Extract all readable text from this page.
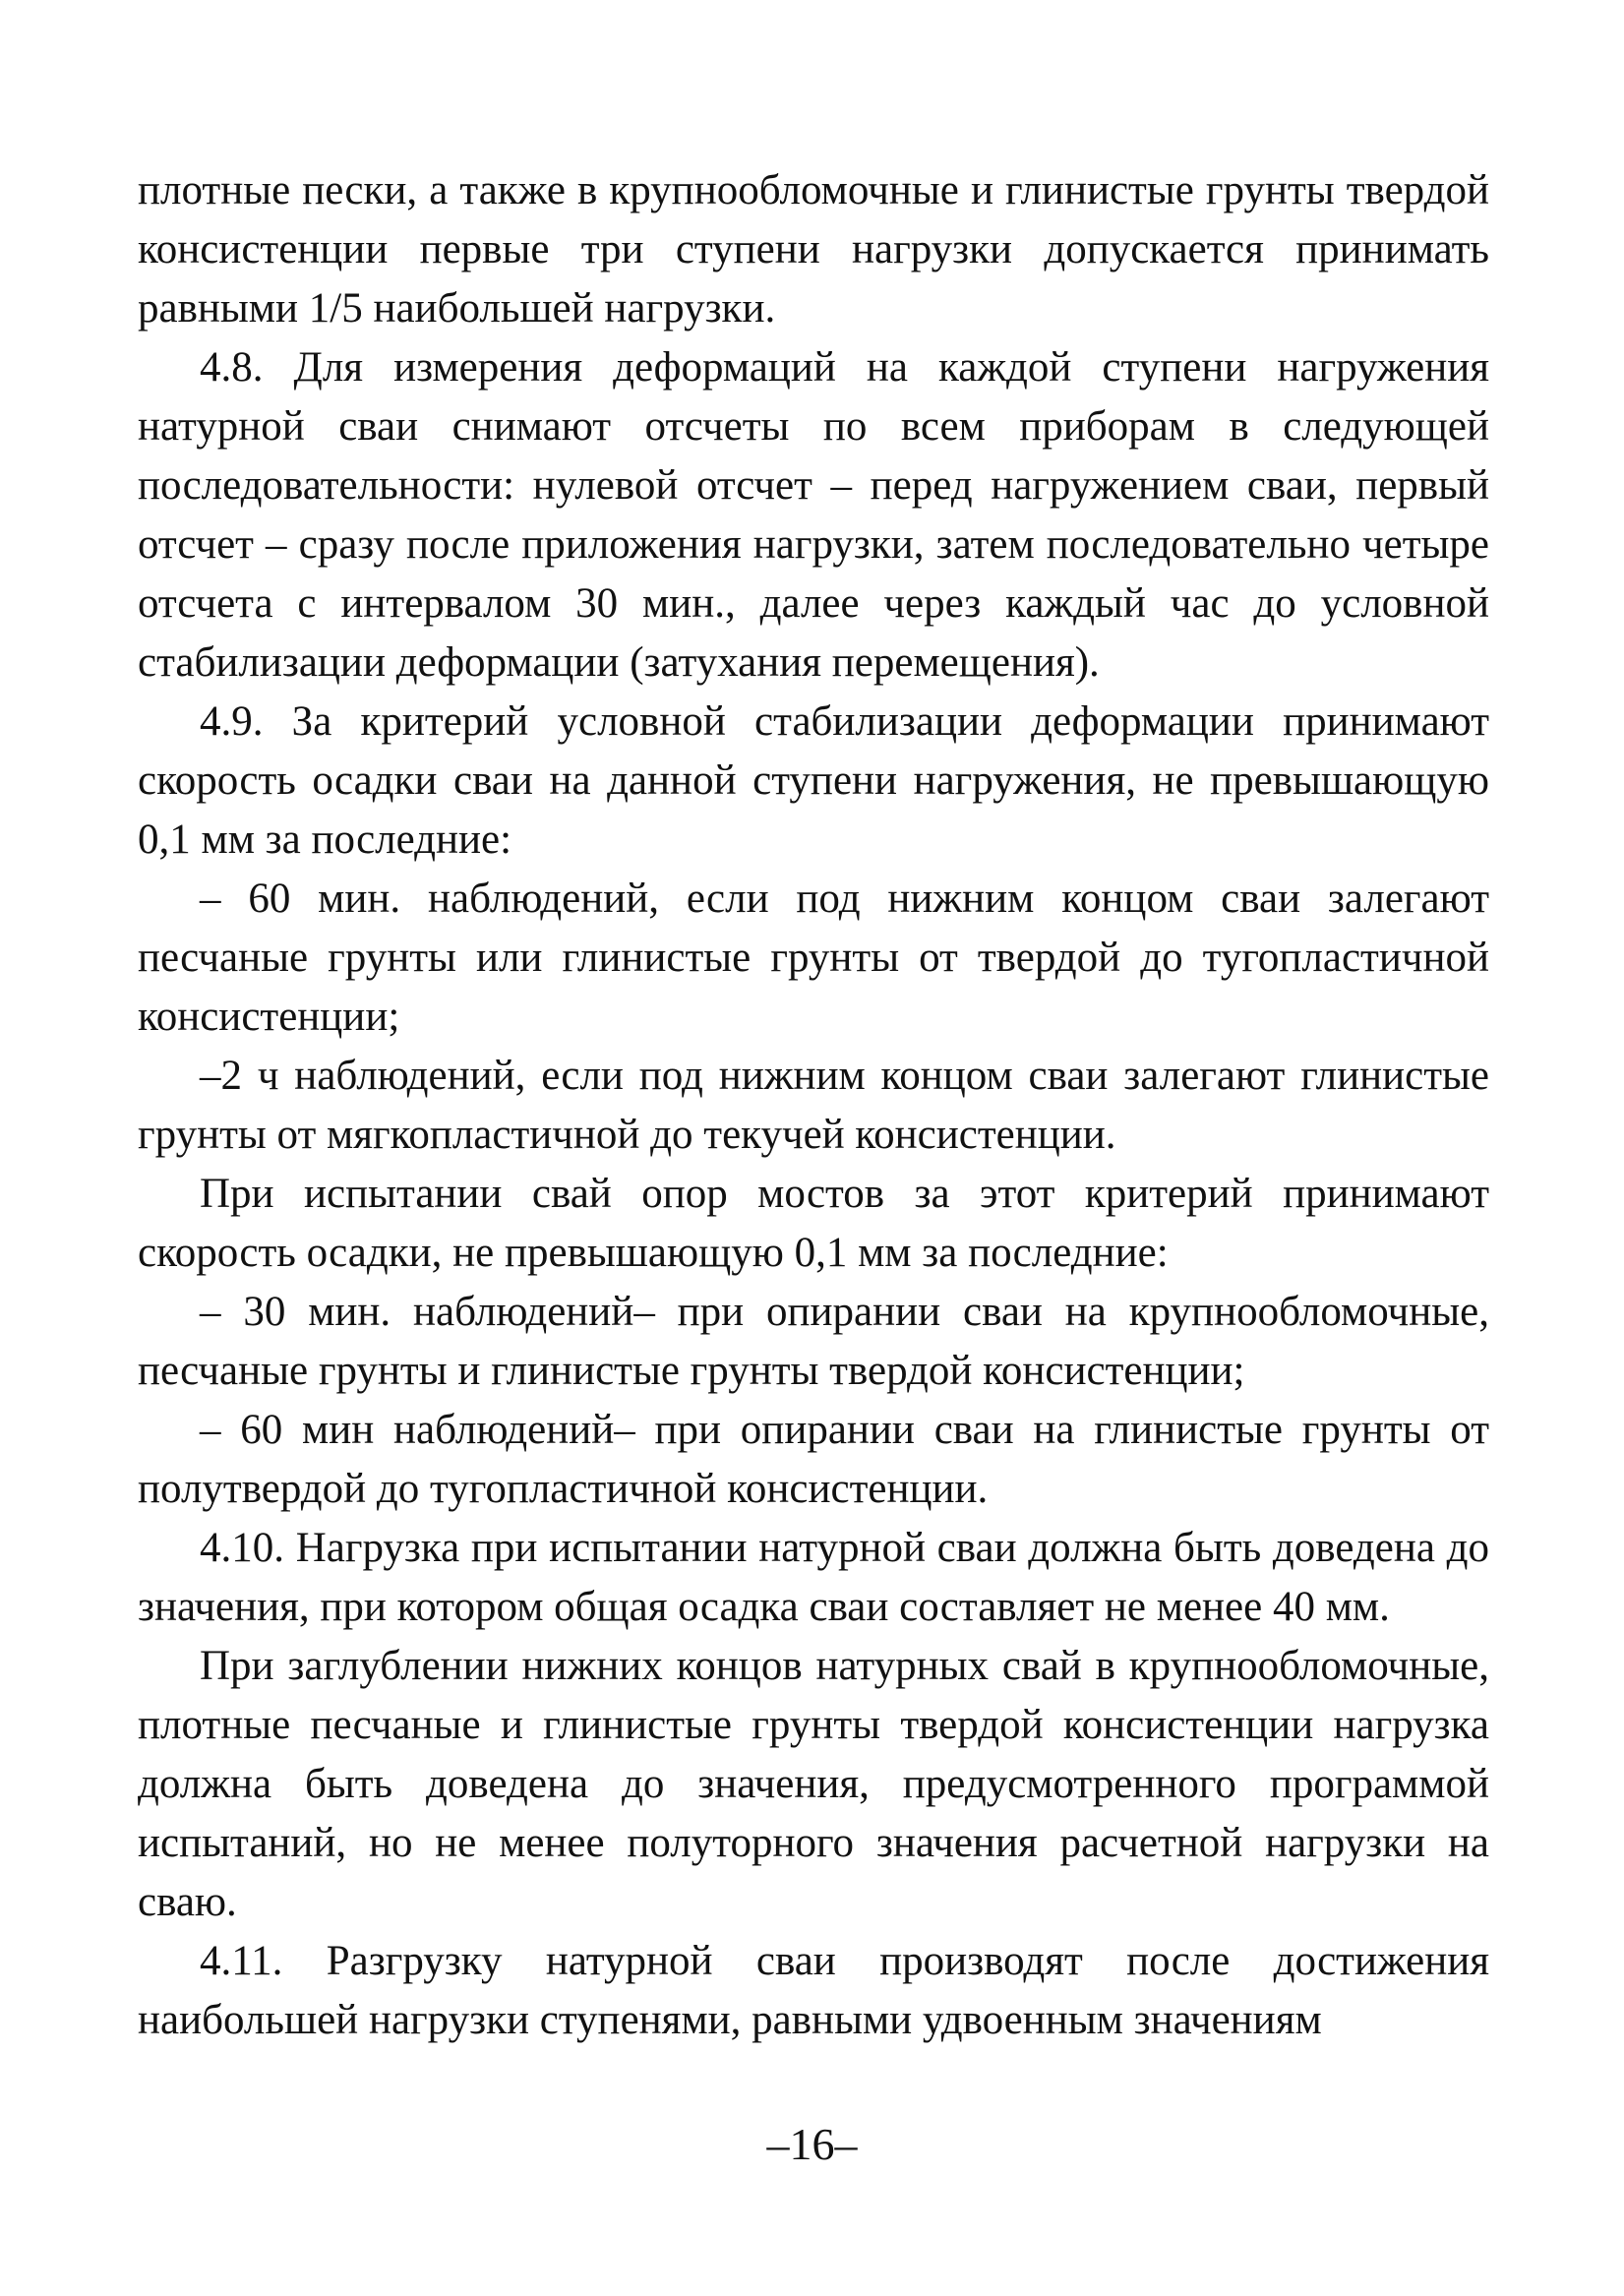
плотные пески, а также в крупнообломочные и глинистые грунты твердой консистенции первые три ступени нагрузки допускается принимать равными 1/5 наибольшей нагрузки.

4.8. Для измерения деформаций на каждой ступени нагружения натурной сваи снимают отсчеты по всем приборам в следующей последовательности: нулевой отсчет – перед нагружением сваи, первый отсчет – сразу после приложения нагрузки, затем последовательно четыре отсчета с интервалом 30 мин., далее через каждый час до условной стабилизации деформации (затухания перемещения).

4.9. За критерий условной стабилизации деформации принимают скорость осадки сваи на данной ступени нагружения, не превышающую 0,1 мм за последние:

– 60 мин. наблюдений, если под нижним концом сваи залегают песчаные грунты или глинистые грунты от твердой до тугопластичной консистенции;

–2 ч наблюдений, если под нижним концом сваи залегают глинистые грунты от мягкопластичной до текучей консистенции.

При испытании свай опор мостов за этот критерий принимают скорость осадки, не превышающую 0,1 мм за последние:

– 30 мин. наблюдений– при опирании сваи на крупнообломочные, песчаные грунты и глинистые грунты твердой консистенции;

– 60 мин наблюдений– при опирании сваи на глинистые грунты от полутвердой до тугопластичной консистенции.

4.10. Нагрузка при испытании натурной сваи должна быть доведена до значения, при котором общая осадка сваи составляет не менее 40 мм.

При заглублении нижних концов натурных свай в крупнообломочные, плотные песчаные и глинистые грунты твердой консистенции нагрузка должна быть доведена до значения, предусмотренного программой испытаний, но не менее полуторного значения расчетной нагрузки на сваю.

4.11. Разгрузку натурной сваи производят после достижения наибольшей нагрузки ступенями, равными удвоенным значениям

–16–
